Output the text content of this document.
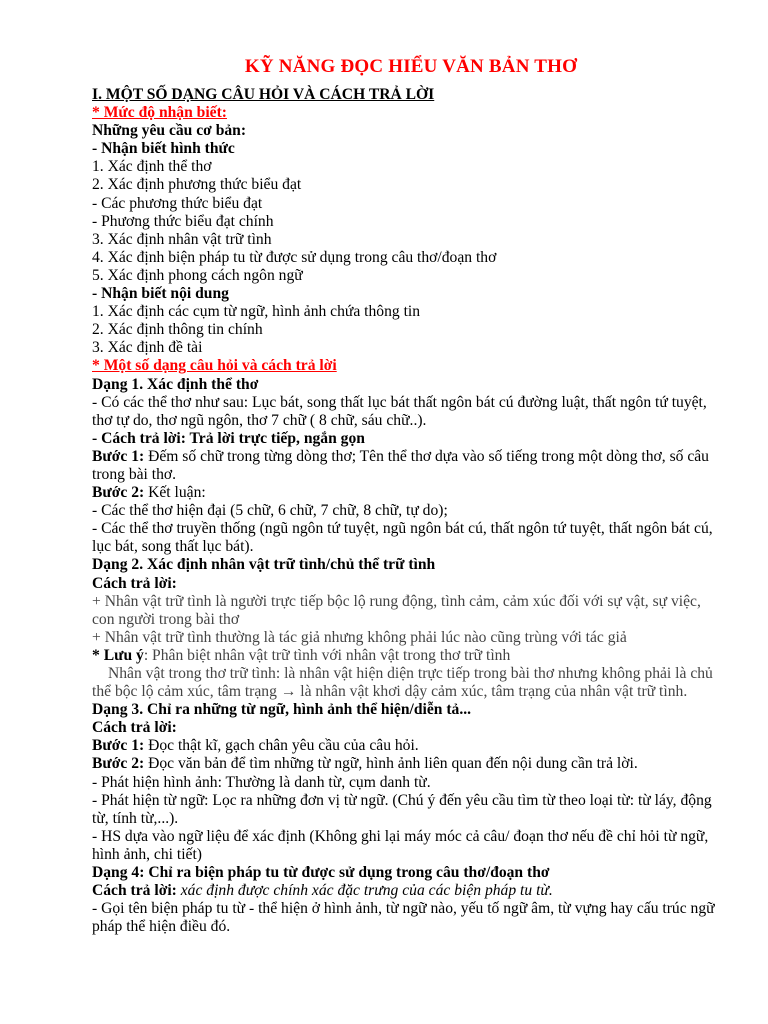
KỸ NĂNG ĐỌC HIỂU VĂN BẢN THƠ

I. MỘT SỐ DẠNG CÂU HỎI VÀ CÁCH TRẢ LỜI

* Mức độ nhận biết:

Những yêu cầu cơ bản:

- Nhận biết hình thức

1. Xác định thể thơ

2. Xác định phương thức biểu đạt

- Các phương thức biểu đạt

- Phương thức biểu đạt chính

3. Xác định nhân vật trữ tình

4. Xác định biện pháp tu từ được sử dụng trong câu thơ/đoạn thơ

5. Xác định phong cách ngôn ngữ

- Nhận biết nội dung

1. Xác định các cụm từ ngữ, hình ảnh chứa thông tin

2. Xác định thông tin chính

3. Xác định đề tài

* Một số dạng câu hỏi và cách trả lời

Dạng 1. Xác định thể thơ

- Có các thể thơ như sau: Lục bát, song thất lục bát thất ngôn bát cú đường luật, thất ngôn tứ tuyệt, thơ tự do, thơ ngũ ngôn, thơ 7 chữ ( 8 chữ, sáu chữ..).

- Cách trả lời: Trả lời trực tiếp, ngắn gọn

Bước 1: Đếm số chữ trong từng dòng thơ; Tên thể thơ dựa vào số tiếng trong một dòng thơ, số câu trong bài thơ.

Bước 2: Kết luận:

- Các thể thơ hiện đại (5 chữ, 6 chữ, 7 chữ, 8 chữ, tự do);

- Các thể thơ truyền thống (ngũ ngôn tứ tuyệt, ngũ ngôn bát cú, thất ngôn tứ tuyệt, thất ngôn bát cú, lục bát, song thất lục bát).

Dạng 2. Xác định nhân vật trữ tình/chủ thể trữ tình

Cách trả lời:

+ Nhân vật trữ tình là người trực tiếp bộc lộ rung động, tình cảm, cảm xúc đối với sự vật, sự việc, con người trong bài thơ

+ Nhân vật trữ tình thường là tác giả nhưng không phải lúc nào cũng trùng với tác giả

* Lưu ý: Phân biệt nhân vật trữ tình với nhân vật trong thơ trữ tình

Nhân vật trong thơ trữ tình: là nhân vật hiện diện trực tiếp trong bài thơ nhưng không phải là chủ thể bộc lộ cảm xúc, tâm trạng → là nhân vật khơi dậy cảm xúc, tâm trạng của nhân vật trữ tình.

Dạng 3. Chỉ ra những từ ngữ, hình ảnh thể hiện/diễn tả...

Cách trả lời:

Bước 1: Đọc thật kĩ, gạch chân yêu cầu của câu hỏi.

Bước 2: Đọc văn bản để tìm những từ ngữ, hình ảnh liên quan đến nội dung cần trả lời.

- Phát hiện hình ảnh: Thường là danh từ, cụm danh từ.

- Phát hiện từ ngữ: Lọc ra những đơn vị từ ngữ. (Chú ý đến yêu cầu tìm từ theo loại từ: từ láy, động từ, tính từ,...).

- HS dựa vào ngữ liệu để xác định (Không ghi lại máy móc cả câu/ đoạn thơ nếu đề chỉ hỏi từ ngữ, hình ảnh, chi tiết)

Dạng 4: Chỉ ra biện pháp tu từ được sử dụng trong câu thơ/đoạn thơ

Cách trả lời: xác định được chính xác đặc trưng của các biện pháp tu từ.

- Gọi tên biện pháp tu từ - thể hiện ở hình ảnh, từ ngữ nào, yếu tố ngữ âm, từ vựng hay cấu trúc ngữ pháp thể hiện điều đó.
